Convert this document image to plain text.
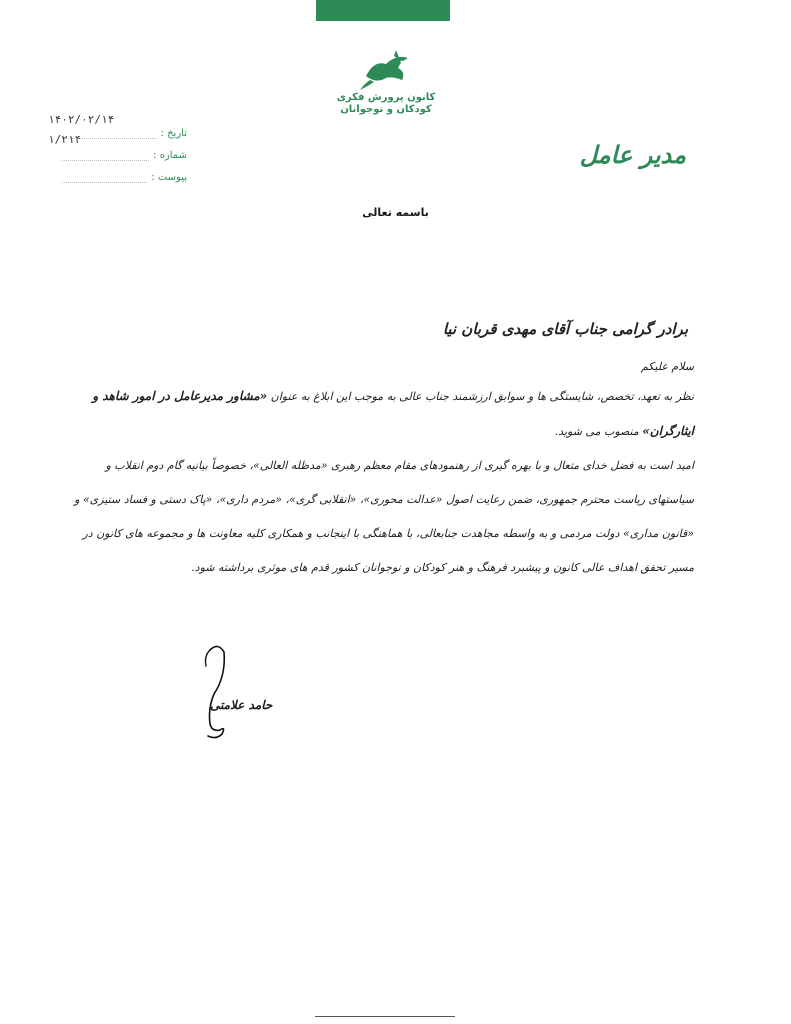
کانون پرورش فکری
کودکان و نوجوانان
۱۴۰۲/۰۲/۱۴
۱/۲۱۴	تاریخ :
شماره :
پیوست :
مدیر عامل
باسمه تعالی
برادر گرامی جناب آقای مهدی قربان نیا
سلام علیکم

نظر به تعهد، تخصص، شایستگی ها و سوابق ارزشمند جناب عالی به موجب این ابلاغ به عنوان «مشاور مدیرعامل در امور شاهد و ایثارگران» منصوب می شوید.

امید است به فضل خدای متعال و با بهره گیری از رهنمودهای مقام معظم رهبری «مدظله العالی»، خصوصاً بیانیه گام دوم انقلاب و سیاستهای ریاست محترم جمهوری، ضمن رعایت اصول «عدالت محوری»، «انقلابی گری»، «مردم داری»، «پاک دستی و فساد ستیزی» و «قانون مداری» دولت مردمی و به واسطه مجاهدت جنابعالی، با هماهنگی با اینجانب و همکاری کلیه معاونت ها و مجموعه های کانون در مسیر تحقق اهداف عالی کانون و پیشبرد فرهنگ و هنر کودکان و نوجوانان کشور قدم های موثری برداشته شود.

حامد علامتی
